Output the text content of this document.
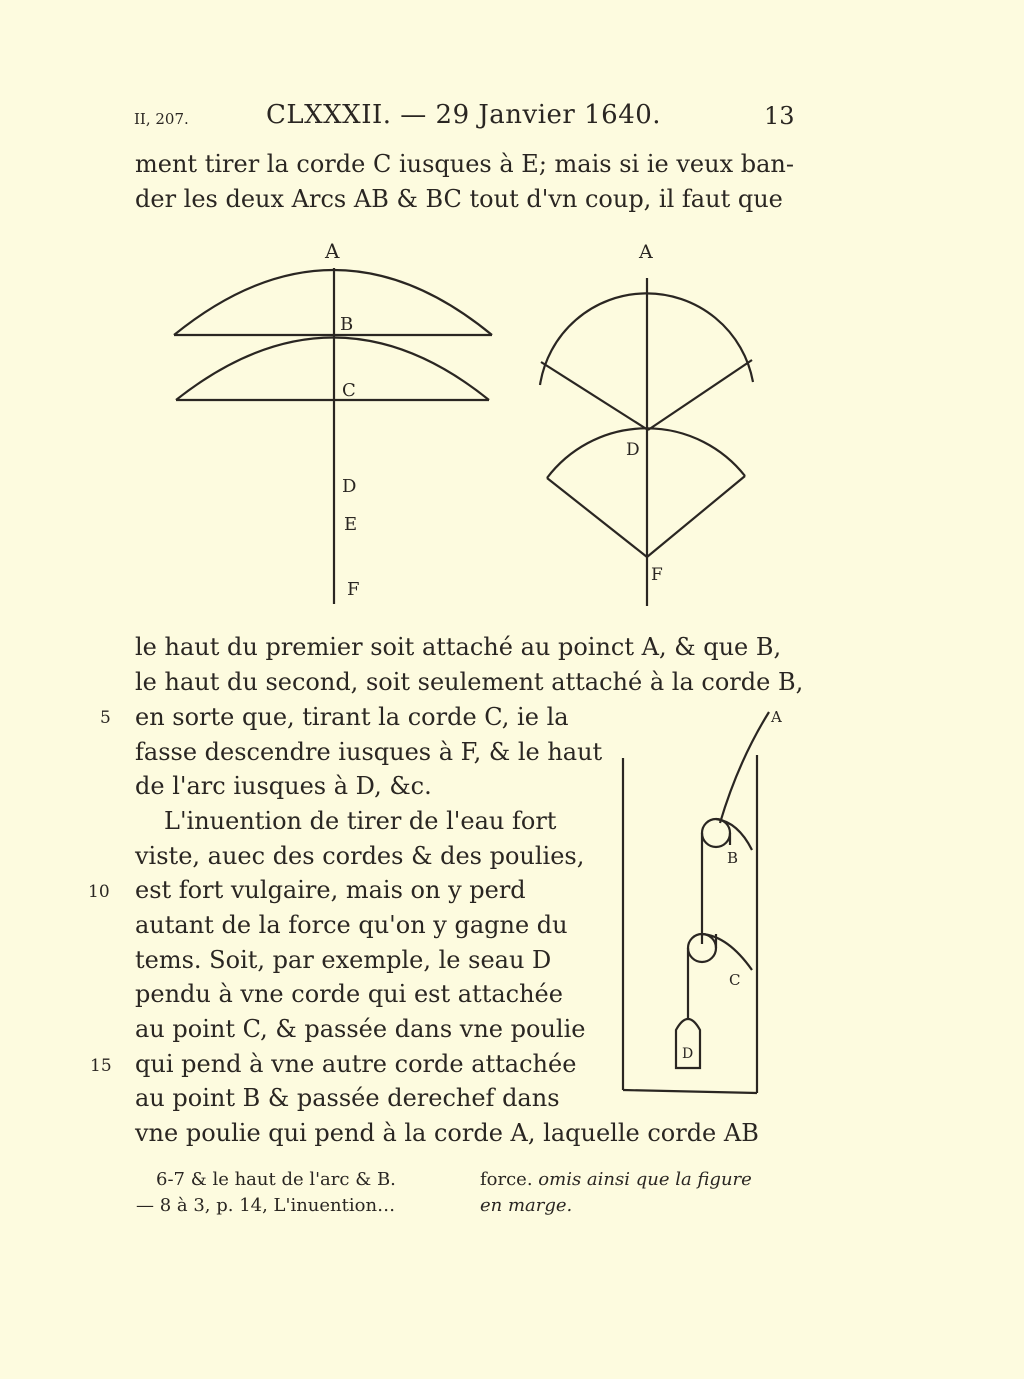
II, 207.	CLXXXII. — 29 Janvier 1640.	13
ment tirer la corde C iusques à E; mais si ie veux ban-
der les deux Arcs AB & BC tout d'vn coup, il faut que
A
B
C
D
E
F
A
D
F
le haut du premier soit attaché au poinct A, & que B,
le haut du second, soit seulement attaché à la corde B,
en sorte que, tirant la corde C, ie la
fasse descendre iusques à F, & le haut
de l'arc iusques à D, &c.
L'inuention de tirer de l'eau fort
viste, auec des cordes & des poulies,
est fort vulgaire, mais on y perd
autant de la force qu'on y gagne du
tems. Soit, par exemple, le seau D
pendu à vne corde qui est attachée
au point C, & passée dans vne poulie
qui pend à vne autre corde attachée
au point B & passée derechef dans
vne poulie qui pend à la corde A, laquelle corde AB
5
10
15
A
B
C
D
6-7 & le haut de l'arc & B.
— 8 à 3, p. 14, L'inuention…
force. omis ainsi que la figure
en marge.
